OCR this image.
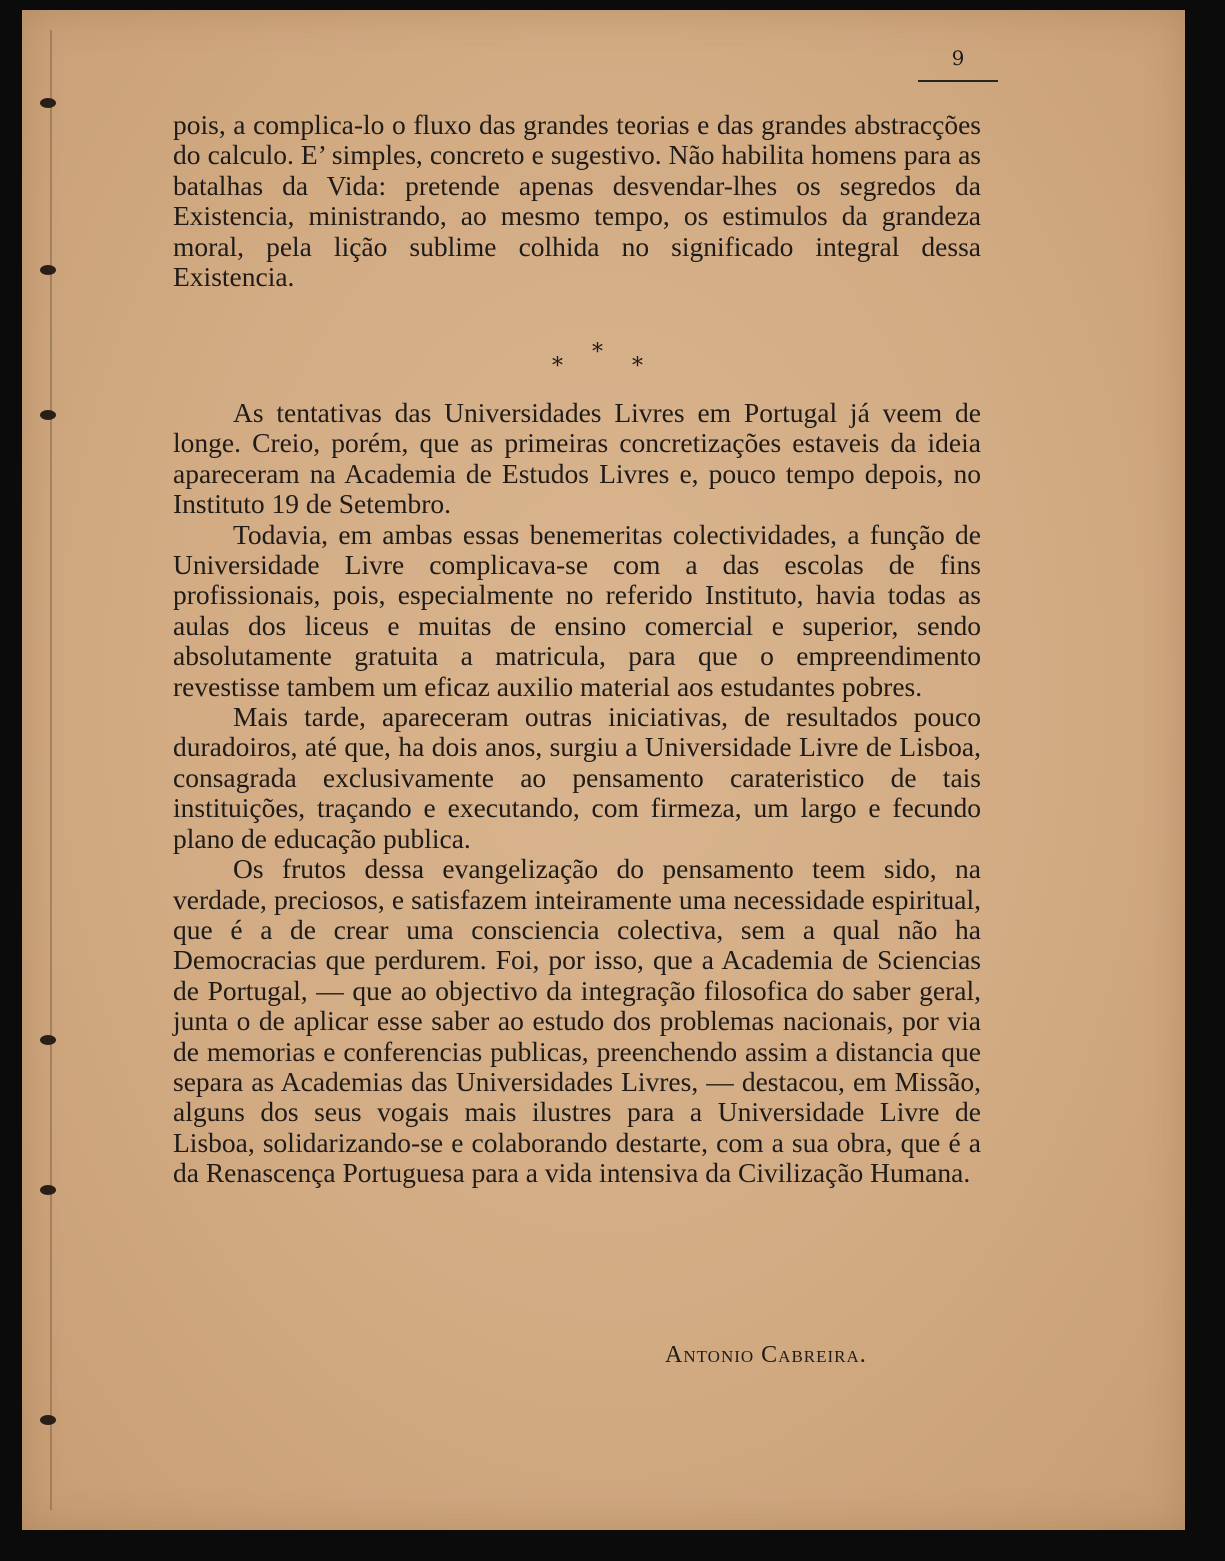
9

pois, a complica-lo o fluxo das grandes teorias e das grandes abstracções do calculo. E’ simples, concreto e sugestivo. Não habilita homens para as batalhas da Vida: pretende apenas desvendar-lhes os segredos da Existencia, ministrando, ao mesmo tempo, os estimulos da grandeza moral, pela lição sublime colhida no significado integral dessa Existencia.

*
*	*

As tentativas das Universidades Livres em Portugal já veem de longe. Creio, porém, que as primeiras concretizações estaveis da ideia apareceram na Academia de Estudos Livres e, pouco tempo depois, no Instituto 19 de Setembro.

Todavia, em ambas essas benemeritas colectividades, a função de Universidade Livre complicava-se com a das escolas de fins profissionais, pois, especialmente no referido Instituto, havia todas as aulas dos liceus e muitas de ensino comercial e superior, sendo absolutamente gratuita a matricula, para que o empreendimento revestisse tambem um eficaz auxilio material aos estudantes pobres.

Mais tarde, apareceram outras iniciativas, de resultados pouco duradoiros, até que, ha dois anos, surgiu a Universidade Livre de Lisboa, consagrada exclusivamente ao pensamento carateristico de tais instituições, traçando e executando, com firmeza, um largo e fecundo plano de educação publica.

Os frutos dessa evangelização do pensamento teem sido, na verdade, preciosos, e satisfazem inteiramente uma necessidade espiritual, que é a de crear uma consciencia colectiva, sem a qual não ha Democracias que perdurem. Foi, por isso, que a Academia de Sciencias de Portugal, — que ao objectivo da integração filosofica do saber geral, junta o de aplicar esse saber ao estudo dos problemas nacionais, por via de memorias e conferencias publicas, preenchendo assim a distancia que separa as Academias das Universidades Livres, — destacou, em Missão, alguns dos seus vogais mais ilustres para a Universidade Livre de Lisboa, solidarizando-se e colaborando destarte, com a sua obra, que é a da Renascença Portuguesa para a vida intensiva da Civilização Humana.

Antonio Cabreira.
